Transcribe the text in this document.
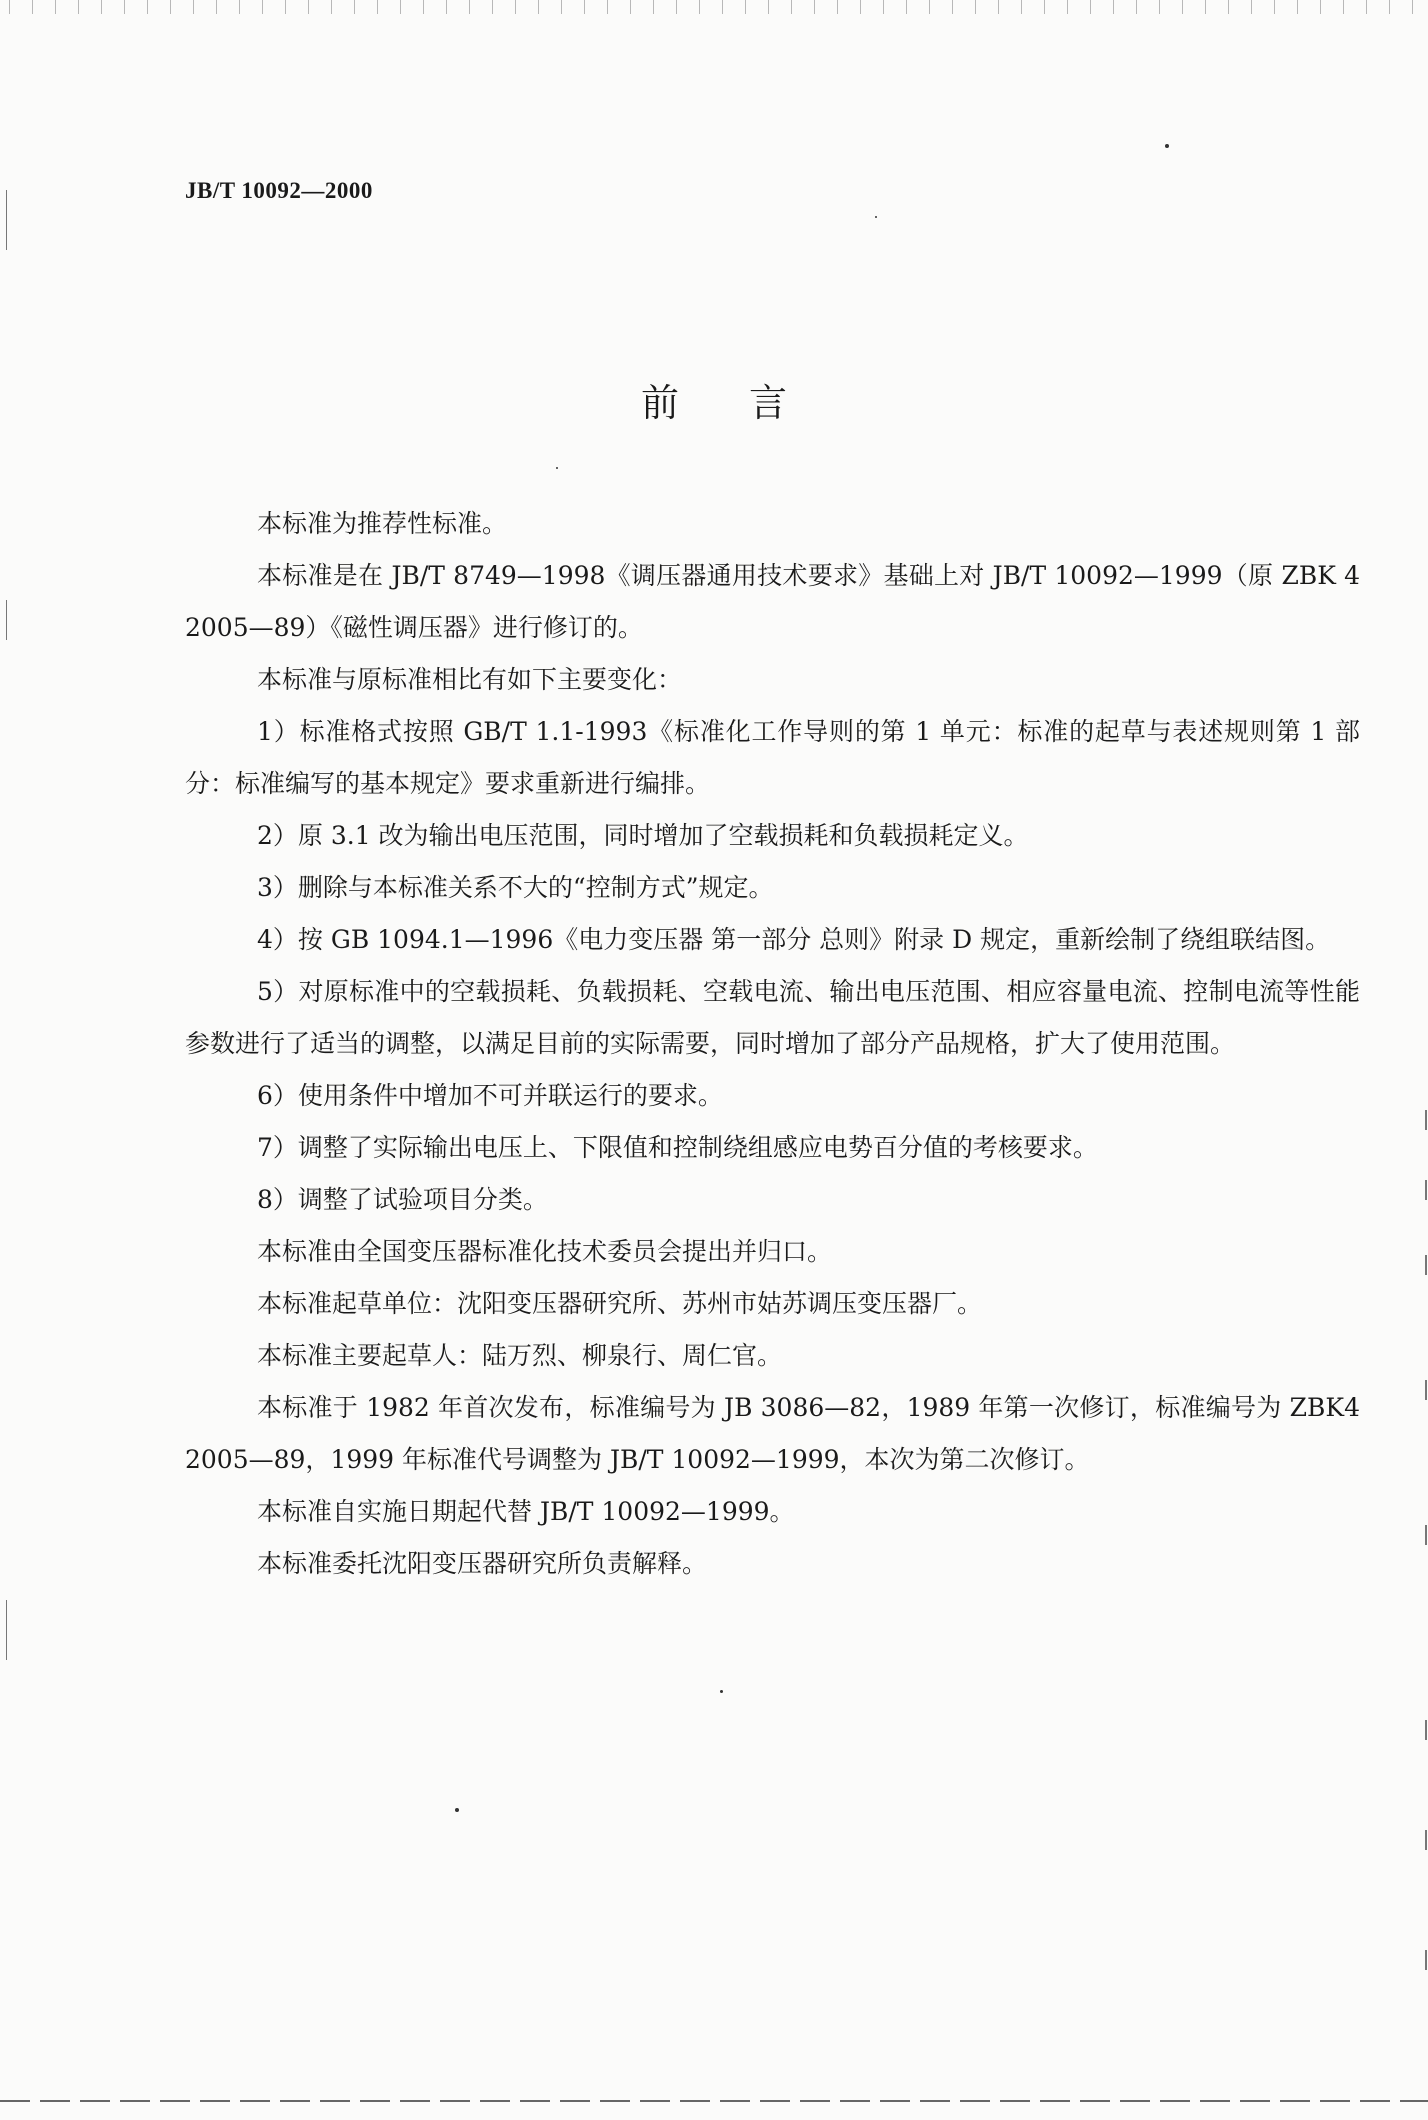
JB/T 10092—2000
前言

本标准为推荐性标准。

本标准是在 JB/T 8749—1998《调压器通用技术要求》基础上对 JB/T 10092—1999（原 ZBK 42005—89）《磁性调压器》进行修订的。

本标准与原标准相比有如下主要变化：

1）标准格式按照 GB/T 1.1-1993《标准化工作导则的第 1 单元：标准的起草与表述规则第 1 部分：标准编写的基本规定》要求重新进行编排。

2）原 3.1 改为输出电压范围，同时增加了空载损耗和负载损耗定义。

3）删除与本标准关系不大的“控制方式”规定。

4）按 GB 1094.1—1996《电力变压器 第一部分 总则》附录 D 规定，重新绘制了绕组联结图。

5）对原标准中的空载损耗、负载损耗、空载电流、输出电压范围、相应容量电流、控制电流等性能参数进行了适当的调整，以满足目前的实际需要，同时增加了部分产品规格，扩大了使用范围。

6）使用条件中增加不可并联运行的要求。

7）调整了实际输出电压上、下限值和控制绕组感应电势百分值的考核要求。

8）调整了试验项目分类。

本标准由全国变压器标准化技术委员会提出并归口。

本标准起草单位：沈阳变压器研究所、苏州市姑苏调压变压器厂。

本标准主要起草人：陆万烈、柳泉行、周仁官。

本标准于 1982 年首次发布，标准编号为 JB 3086—82，1989 年第一次修订，标准编号为 ZBK42005—89，1999 年标准代号调整为 JB/T 10092—1999，本次为第二次修订。

本标准自实施日期起代替 JB/T 10092—1999。

本标准委托沈阳变压器研究所负责解释。
